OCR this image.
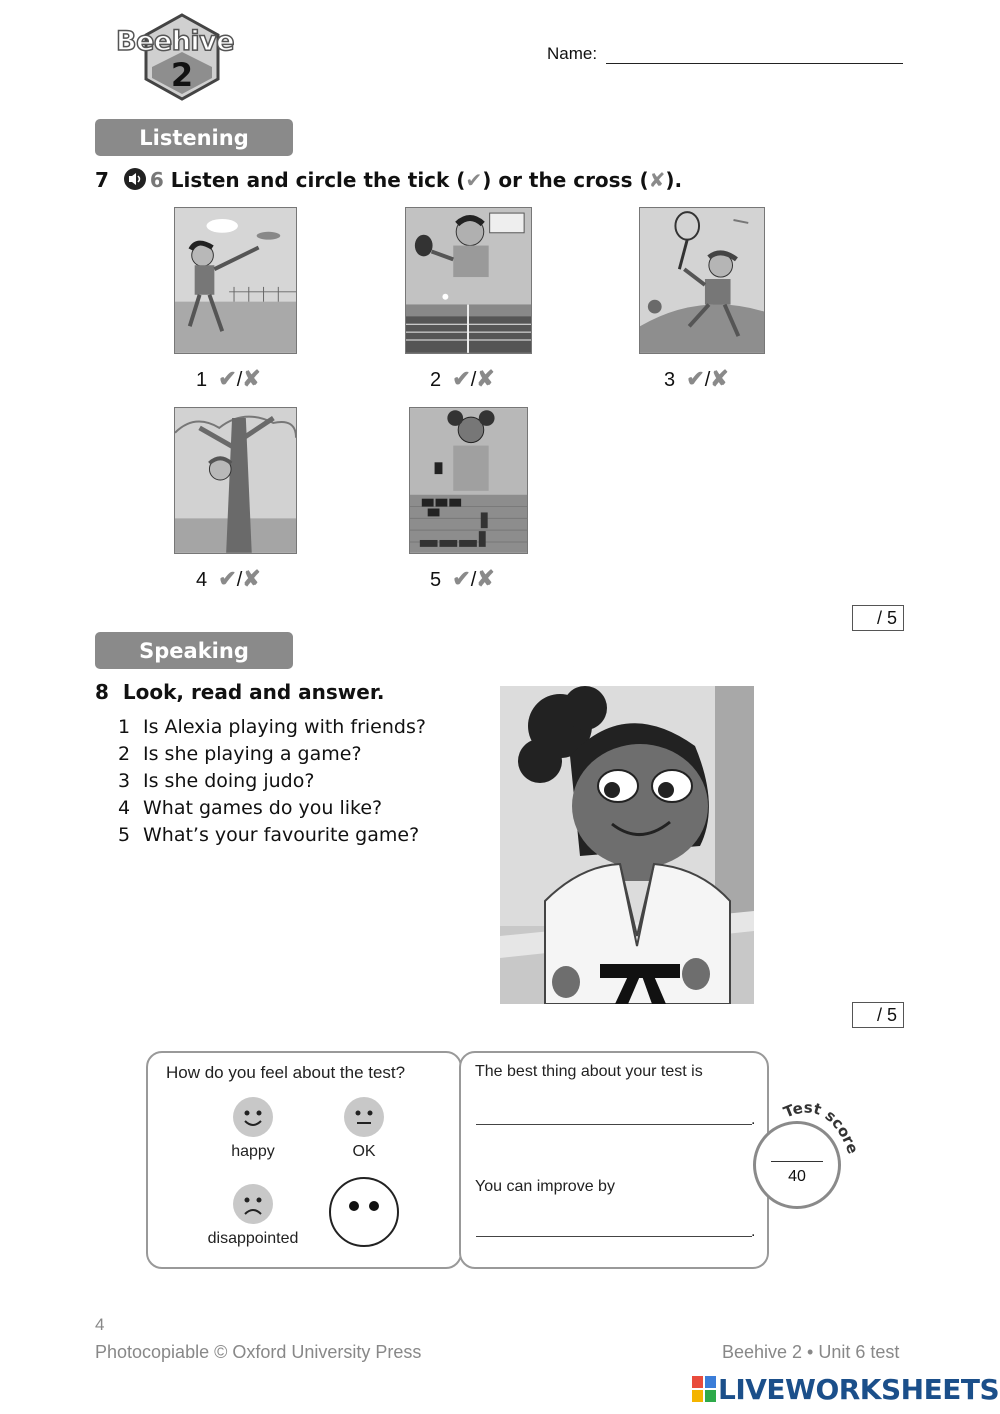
Beehive
2
Name:
Listening
7 6 Listen and circle the tick (✔) or the cross (✘).
1 ✔/✘	2 ✔/✘	3 ✔/✘
4 ✔/✘	5 ✔/✘
/ 5
Speaking
8 Look, read and answer.
1 Is Alexia playing with friends?
2 Is she playing a game?
3 Is she doing judo?
4 What games do you like?
5 What’s your favourite game?
/ 5
How do you feel about the test?
happy	OK
disappointed
The best thing about your test is
.
You can improve by
.
Test score
40
4
Photocopiable © Oxford University Press	Beehive 2 • Unit 6 test
LIVEWORKSHEETS
